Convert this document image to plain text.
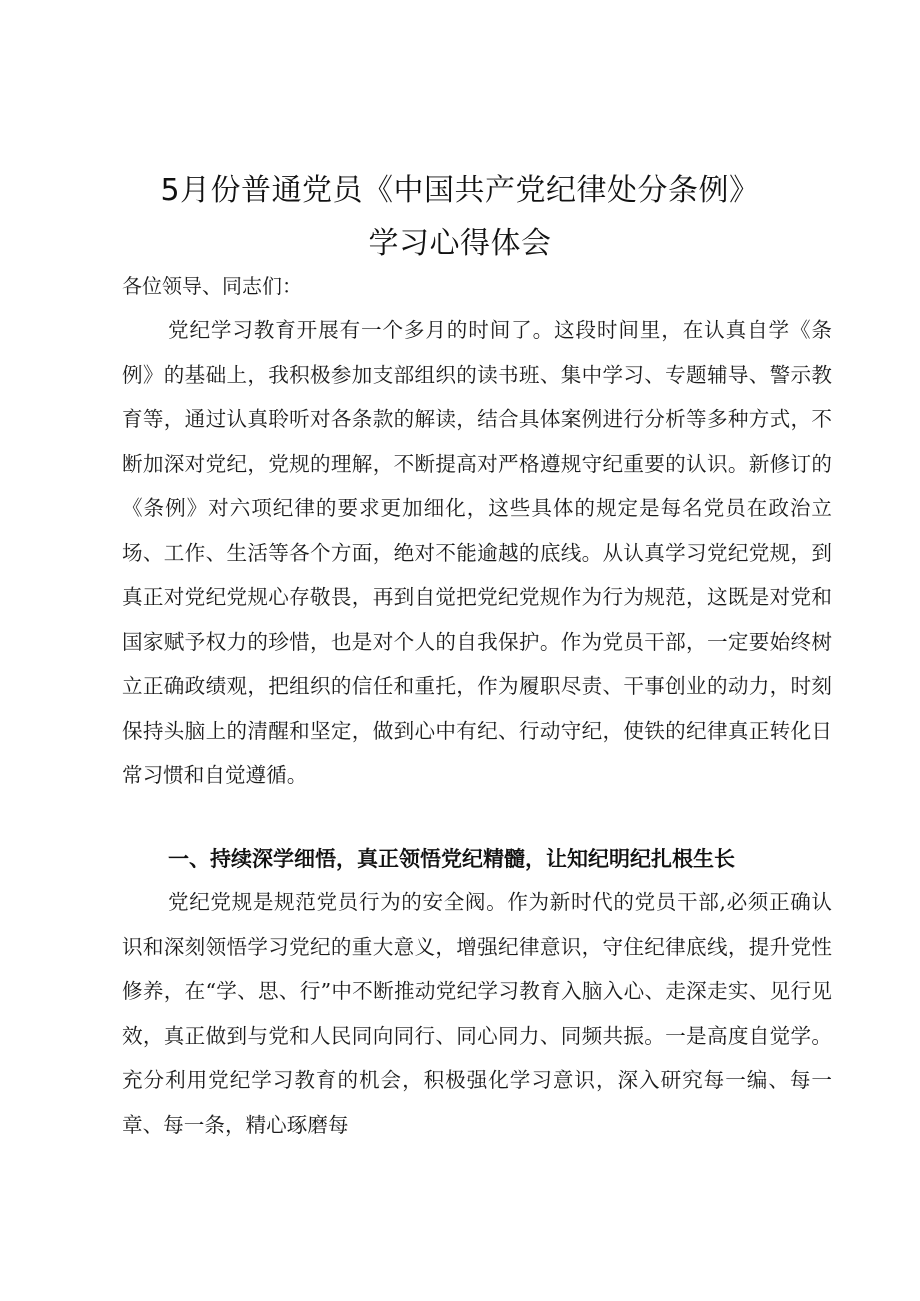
5月份普通党员《中国共产党纪律处分条例》
学习心得体会
各位领导、同志们：

党纪学习教育开展有一个多月的时间了。这段时间里，在认真自学《条例》的基础上，我积极参加支部组织的读书班、集中学习、专题辅导、警示教育等，通过认真聆听对各条款的解读，结合具体案例进行分析等多种方式，不断加深对党纪，党规的理解，不断提高对严格遵规守纪重要的认识。新修订的《条例》对六项纪律的要求更加细化，这些具体的规定是每名党员在政治立场、工作、生活等各个方面，绝对不能逾越的底线。从认真学习党纪党规，到真正对党纪党规心存敬畏，再到自觉把党纪党规作为行为规范，这既是对党和国家赋予权力的珍惜，也是对个人的自我保护。作为党员干部，一定要始终树立正确政绩观，把组织的信任和重托，作为履职尽责、干事创业的动力，时刻保持头脑上的清醒和坚定，做到心中有纪、行动守纪，使铁的纪律真正转化日常习惯和自觉遵循。

一、持续深学细悟，真正领悟党纪精髓，让知纪明纪扎根生长

党纪党规是规范党员行为的安全阀。作为新时代的党员干部,必须正确认识和深刻领悟学习党纪的重大意义，增强纪律意识，守住纪律底线，提升党性修养，在“学、思、行”中不断推动党纪学习教育入脑入心、走深走实、见行见效，真正做到与党和人民同向同行、同心同力、同频共振。一是高度自觉学。充分利用党纪学习教育的机会，积极强化学习意识，深入研究每一编、每一章、每一条，精心琢磨每
